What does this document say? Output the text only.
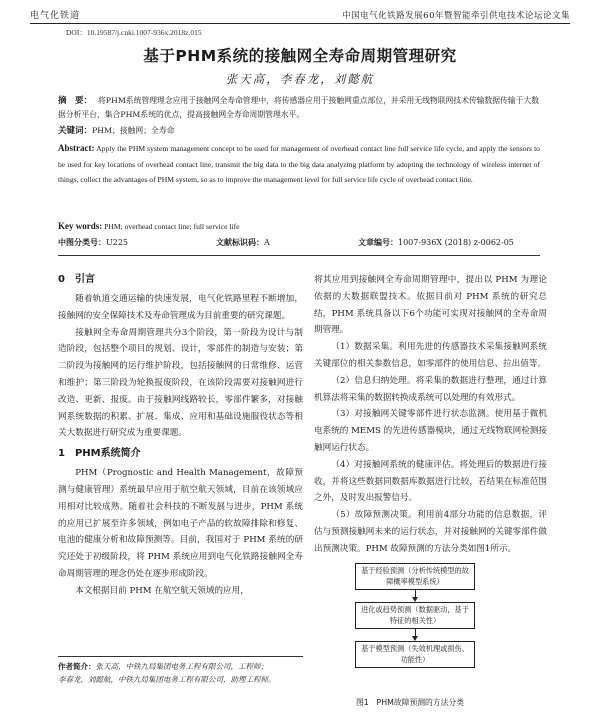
电气化铁道	中国电气化铁路发展60年暨智能牵引供电技术论坛论文集
DOI：10.19587/j.cnki.1007-936x.2018z.015
基于PHM系统的接触网全寿命周期管理研究
张天高，李春龙，刘懿航
摘　要： 将PHM系统管理理念应用于接触网全寿命管理中，将传感器应用于接触网重点部位，并采用无线物联网技术传输数据传输于大数据分析平台，集合PHM系统的优点，提高接触网全寿命周期管理水平。
关键词：PHM；接触网；全寿命
Abstract: Apply the PHM system management concept to be used for management of overhead contact line full service life cycle, and apply the sensors to be used for key locations of overhead contact line, transmit the big data to the big data analyzing platform by adopting the technology of wireless internet of things, collect the advantages of PHM system, so as to improve the management level for full service life cycle of overhead contact line.
Key words: PHM; overhead contact line; full service life
中图分类号：U225	文献标识码：A	文章编号：1007-936X (2018) z-0062-05
0　引言

随着轨道交通运输的快速发展，电气化铁路里程不断增加，接触网的安全保障技术及寿命管理成为目前重要的研究课题。

接触网全寿命周期管理共分3个阶段，第一阶段为设计与制造阶段，包括整个项目的规划、设计，零部件的制造与安装；第二阶段为接触网的运行维护阶段，包括接触网的日常维修、运营和维护；第三阶段为轮换报废阶段，在该阶段需要对接触网进行改造、更新、报废。由于接触网线路较长，零部件繁多，对接触网系统数据的积累、扩展、集成、应用和基础设施服役状态等相关大数据进行研究成为重要课题。

1　PHM系统简介

PHM（Prognostic and Health Management，故障预测与健康管理）系统最早应用于航空航天领域，目前在该领域应用相对比较成熟。随着社会科技的不断发展与进步，PHM 系统的应用已扩展至许多领域，例如电子产品的软故障排除和修复、电池的健康分析和故障预测等。目前，我国对于 PHM 系统的研究还处于初级阶段，将 PHM 系统应用到电气化铁路接触网全寿命周期管理的理念仍处在逐步形成阶段。

本文根据目前 PHM 在航空航天领域的应用，

将其应用到接触网全寿命周期管理中，提出以 PHM 为理论依据的大数据联盟技术。依据目前对 PHM 系统的研究总结，PHM 系统具备以下6个功能可实现对接触网的全寿命周期管理。

（1）数据采集。利用先进的传感器技术采集接触网系统关键部位的相关参数信息，如零部件的使用信息、拉出值等。

（2）信息归纳处理。将采集的数据进行整理，通过计算机算法将采集的数据转换成系统可以处理的有效形式。

（3）对接触网关键零部件进行状态监测。使用基于微机电系统的 MEMS 的先进传感器模块，通过无线物联网检测接触网运行状态。

（4）对接触网系统的健康评估。将处理后的数据进行接收，并将这些数据同数据库数据进行比较，若结果在标准范围之外，及时发出报警信号。

（5）故障预测决策。利用前4部分功能的信息数据，评估与预测接触网未来的运行状态，并对接触网的关键零部件做出预测决策。PHM 故障预测的方法分类如图1所示。

基于经验预测（分析传统模型的故障概率模型系统）
进化或趋势预测（数据驱动，基于特征的相关性）
基于模型预测（失效机理或损伤、功能性）
图1　PHM故障预测的方法分类
作者简介：张天高，中铁九局集团电务工程有限公司，工程师；
李春龙，刘懿航，中铁九局集团电务工程有限公司，助理工程师。
